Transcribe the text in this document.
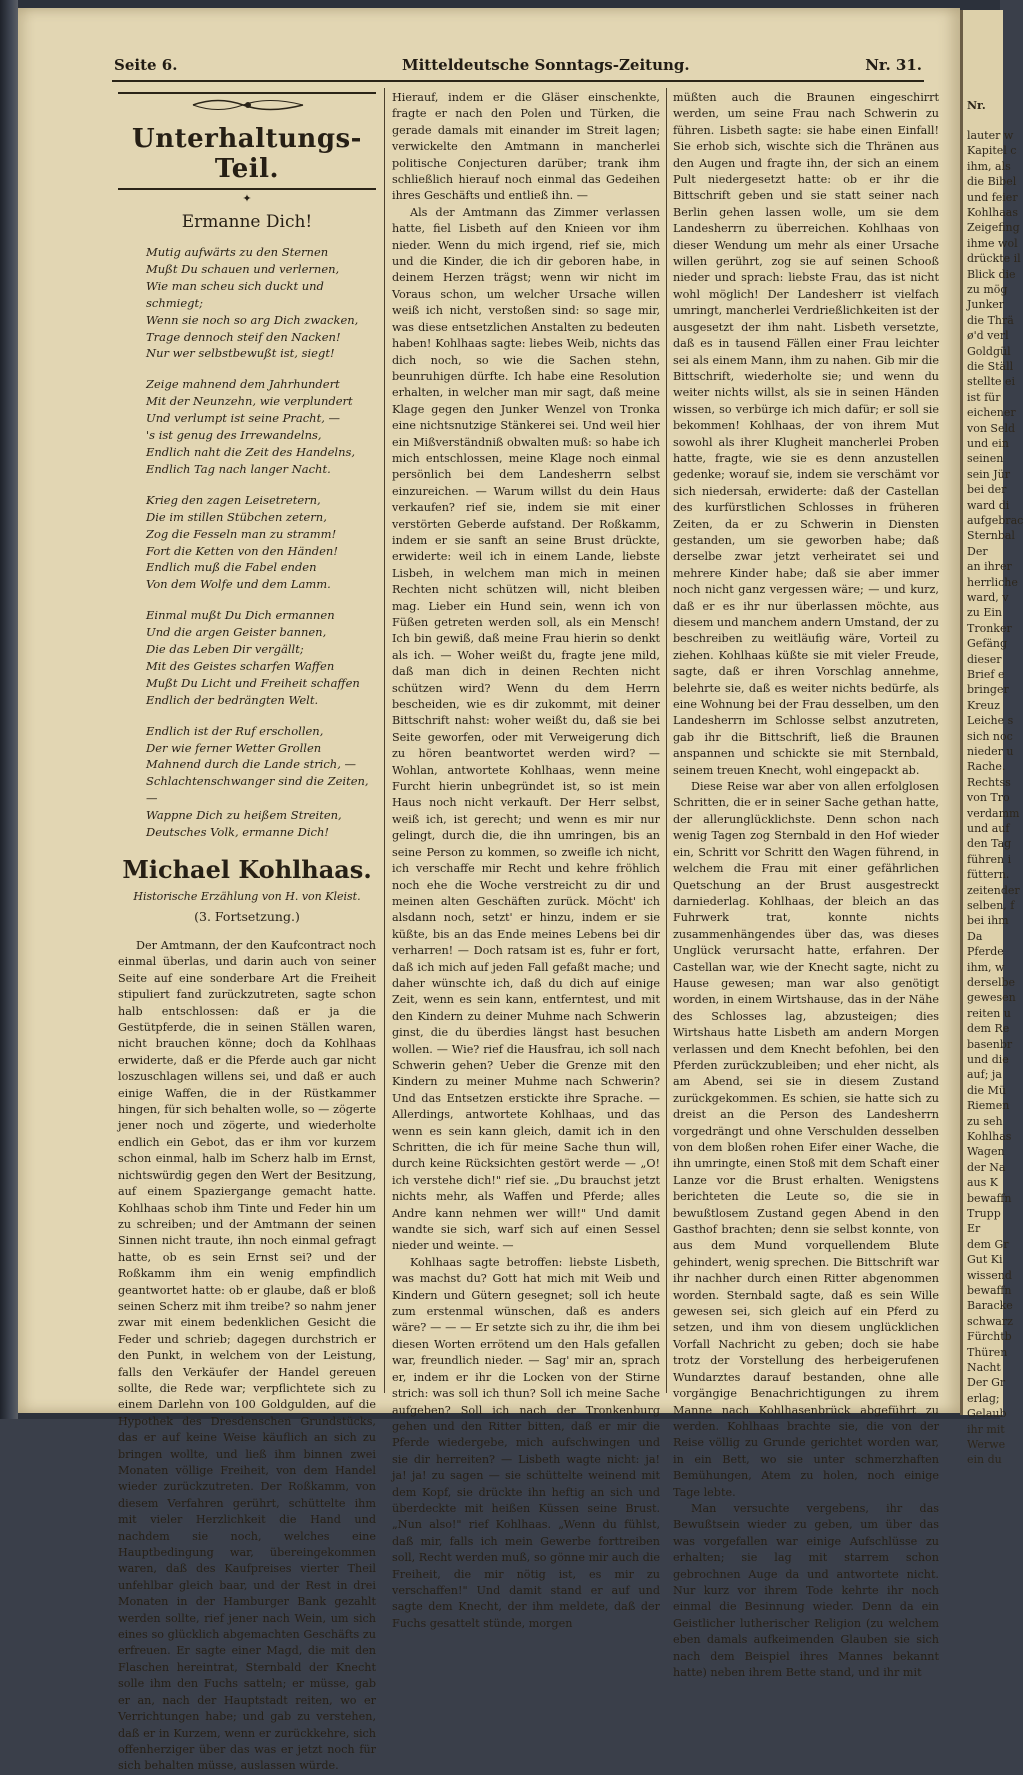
Seite 6.	Mitteldeutsche Sonntags-Zeitung.	Nr. 31.
Unterhaltungs-Teil.
✦
Ermanne Dich!

Mutig aufwärts zu den Sternen
Mußt Du schauen und verlernen,
Wie man scheu sich duckt und schmiegt;
Wenn sie noch so arg Dich zwacken,
Trage dennoch steif den Nacken!
Nur wer selbstbewußt ist, siegt!

Zeige mahnend dem Jahrhundert
Mit der Neunzehn, wie verplundert
Und verlumpt ist seine Pracht, —
's ist genug des Irrewandelns,
Endlich naht die Zeit des Handelns,
Endlich Tag nach langer Nacht.

Krieg den zagen Leisetretern,
Die im stillen Stübchen zetern,
Zog die Fesseln man zu stramm!
Fort die Ketten von den Händen!
Endlich muß die Fabel enden
Von dem Wolfe und dem Lamm.

Einmal mußt Du Dich ermannen
Und die argen Geister bannen,
Die das Leben Dir vergällt;
Mit des Geistes scharfen Waffen
Mußt Du Licht und Freiheit schaffen
Endlich der bedrängten Welt.

Endlich ist der Ruf erschollen,
Der wie ferner Wetter Grollen
Mahnend durch die Lande strich, —
Schlachtenschwanger sind die Zeiten, —
Wappne Dich zu heißem Streiten,
Deutsches Volk, ermanne Dich!

Michael Kohlhaas.
Historische Erzählung von H. von Kleist.
(3. Fortsetzung.)

Der Amtmann, der den Kaufcontract noch einmal überlas, und darin auch von seiner Seite auf eine sonderbare Art die Freiheit stipuliert fand zurückzutreten, sagte schon halb entschlossen: daß er ja die Gestütpferde, die in seinen Ställen waren, nicht brauchen könne; doch da Kohlhaas erwiderte, daß er die Pferde auch gar nicht loszuschlagen willens sei, und daß er auch einige Waffen, die in der Rüstkammer hingen, für sich behalten wolle, so — zögerte jener noch und zögerte, und wiederholte endlich ein Gebot, das er ihm vor kurzem schon einmal, halb im Scherz halb im Ernst, nichtswürdig gegen den Wert der Besitzung, auf einem Spaziergange gemacht hatte. Kohlhaas schob ihm Tinte und Feder hin um zu schreiben; und der Amtmann der seinen Sinnen nicht traute, ihn noch einmal gefragt hatte, ob es sein Ernst sei? und der Roßkamm ihm ein wenig empfindlich geantwortet hatte: ob er glaube, daß er bloß seinen Scherz mit ihm treibe? so nahm jener zwar mit einem bedenklichen Gesicht die Feder und schrieb; dagegen durchstrich er den Punkt, in welchem von der Leistung, falls den Verkäufer der Handel gereuen sollte, die Rede war; verpflichtete sich zu einem Darlehn von 100 Goldgulden, auf die Hypothek des Dresdenschen Grundstücks, das er auf keine Weise käuflich an sich zu bringen wollte, und ließ ihm binnen zwei Monaten völlige Freiheit, von dem Handel wieder zurückzutreten. Der Roßkamm, von diesem Verfahren gerührt, schüttelte ihm mit vieler Herzlichkeit die Hand und nachdem sie noch, welches eine Hauptbedingung war, übereingekommen waren, daß des Kaufpreises vierter Theil unfehlbar gleich baar, und der Rest in drei Monaten in der Hamburger Bank gezahlt werden sollte, rief jener nach Wein, um sich eines so glücklich abgemachten Geschäfts zu erfreuen. Er sagte einer Magd, die mit den Flaschen hereintrat, Sternbald der Knecht solle ihm den Fuchs satteln; er müsse, gab er an, nach der Hauptstadt reiten, wo er Verrichtungen habe; und gab zu verstehen, daß er in Kurzem, wenn er zurückkehre, sich offenherziger über das was er jetzt noch für sich behalten müsse, auslassen würde.

Hierauf, indem er die Gläser einschenkte, fragte er nach den Polen und Türken, die gerade damals mit einander im Streit lagen; verwickelte den Amtmann in mancherlei politische Conjecturen darüber; trank ihm schließlich hierauf noch einmal das Gedeihen ihres Geschäfts und entließ ihn. —

Als der Amtmann das Zimmer verlassen hatte, fiel Lisbeth auf den Knieen vor ihm nieder. Wenn du mich irgend, rief sie, mich und die Kinder, die ich dir geboren habe, in deinem Herzen trägst; wenn wir nicht im Voraus schon, um welcher Ursache willen weiß ich nicht, verstoßen sind: so sage mir, was diese entsetzlichen Anstalten zu bedeuten haben! Kohlhaas sagte: liebes Weib, nichts das dich noch, so wie die Sachen stehn, beunruhigen dürfte. Ich habe eine Resolution erhalten, in welcher man mir sagt, daß meine Klage gegen den Junker Wenzel von Tronka eine nichtsnutzige Stänkerei sei. Und weil hier ein Mißverständniß obwalten muß: so habe ich mich entschlossen, meine Klage noch einmal persönlich bei dem Landesherrn selbst einzureichen. — Warum willst du dein Haus verkaufen? rief sie, indem sie mit einer verstörten Geberde aufstand. Der Roßkamm, indem er sie sanft an seine Brust drückte, erwiderte: weil ich in einem Lande, liebste Lisbeh, in welchem man mich in meinen Rechten nicht schützen will, nicht bleiben mag. Lieber ein Hund sein, wenn ich von Füßen getreten werden soll, als ein Mensch! Ich bin gewiß, daß meine Frau hierin so denkt als ich. — Woher weißt du, fragte jene mild, daß man dich in deinen Rechten nicht schützen wird? Wenn du dem Herrn bescheiden, wie es dir zukommt, mit deiner Bittschrift nahst: woher weißt du, daß sie bei Seite geworfen, oder mit Verweigerung dich zu hören beantwortet werden wird? — Wohlan, antwortete Kohlhaas, wenn meine Furcht hierin unbegründet ist, so ist mein Haus noch nicht verkauft. Der Herr selbst, weiß ich, ist gerecht; und wenn es mir nur gelingt, durch die, die ihn umringen, bis an seine Person zu kommen, so zweifle ich nicht, ich verschaffe mir Recht und kehre fröhlich noch ehe die Woche verstreicht zu dir und meinen alten Geschäften zurück. Möcht' ich alsdann noch, setzt' er hinzu, indem er sie küßte, bis an das Ende meines Lebens bei dir verharren! — Doch ratsam ist es, fuhr er fort, daß ich mich auf jeden Fall gefaßt mache; und daher wünschte ich, daß du dich auf einige Zeit, wenn es sein kann, entferntest, und mit den Kindern zu deiner Muhme nach Schwerin ginst, die du überdies längst hast besuchen wollen. — Wie? rief die Hausfrau, ich soll nach Schwerin gehen? Ueber die Grenze mit den Kindern zu meiner Muhme nach Schwerin? Und das Entsetzen erstickte ihre Sprache. — Allerdings, antwortete Kohlhaas, und das wenn es sein kann gleich, damit ich in den Schritten, die ich für meine Sache thun will, durch keine Rücksichten gestört werde — „O! ich verstehe dich!" rief sie. „Du brauchst jetzt nichts mehr, als Waffen und Pferde; alles Andre kann nehmen wer will!" Und damit wandte sie sich, warf sich auf einen Sessel nieder und weinte. —

Kohlhaas sagte betroffen: liebste Lisbeth, was machst du? Gott hat mich mit Weib und Kindern und Gütern gesegnet; soll ich heute zum erstenmal wünschen, daß es anders wäre? — — — Er setzte sich zu ihr, die ihm bei diesen Worten errötend um den Hals gefallen war, freundlich nieder. — Sag' mir an, sprach er, indem er ihr die Locken von der Stirne strich: was soll ich thun? Soll ich meine Sache aufgeben? Soll ich nach der Tronkenburg gehen und den Ritter bitten, daß er mir die Pferde wiedergebe, mich aufschwingen und sie dir herreiten? — Lisbeth wagte nicht: ja! ja! ja! zu sagen — sie schüttelte weinend mit dem Kopf, sie drückte ihn heftig an sich und überdeckte mit heißen Küssen seine Brust. „Nun also!" rief Kohlhaas. „Wenn du fühlst, daß mir, falls ich mein Gewerbe forttreiben soll, Recht werden muß, so gönne mir auch die Freiheit, die mir nötig ist, es mir zu verschaffen!" Und damit stand er auf und sagte dem Knecht, der ihm meldete, daß der Fuchs gesattelt stünde, morgen

müßten auch die Braunen eingeschirrt werden, um seine Frau nach Schwerin zu führen. Lisbeth sagte: sie habe einen Einfall! Sie erhob sich, wischte sich die Thränen aus den Augen und fragte ihn, der sich an einem Pult niedergesetzt hatte: ob er ihr die Bittschrift geben und sie statt seiner nach Berlin gehen lassen wolle, um sie dem Landesherrn zu überreichen. Kohlhaas von dieser Wendung um mehr als einer Ursache willen gerührt, zog sie auf seinen Schooß nieder und sprach: liebste Frau, das ist nicht wohl möglich! Der Landesherr ist vielfach umringt, mancherlei Verdrießlichkeiten ist der ausgesetzt der ihm naht. Lisbeth versetzte, daß es in tausend Fällen einer Frau leichter sei als einem Mann, ihm zu nahen. Gib mir die Bittschrift, wiederholte sie; und wenn du weiter nichts willst, als sie in seinen Händen wissen, so verbürge ich mich dafür; er soll sie bekommen! Kohlhaas, der von ihrem Mut sowohl als ihrer Klugheit mancherlei Proben hatte, fragte, wie sie es denn anzustellen gedenke; worauf sie, indem sie verschämt vor sich niedersah, erwiderte: daß der Castellan des kurfürstlichen Schlosses in früheren Zeiten, da er zu Schwerin in Diensten gestanden, um sie geworben habe; daß derselbe zwar jetzt verheiratet sei und mehrere Kinder habe; daß sie aber immer noch nicht ganz vergessen wäre; — und kurz, daß er es ihr nur überlassen möchte, aus diesem und manchem andern Umstand, der zu beschreiben zu weitläufig wäre, Vorteil zu ziehen. Kohlhaas küßte sie mit vieler Freude, sagte, daß er ihren Vorschlag annehme, belehrte sie, daß es weiter nichts bedürfe, als eine Wohnung bei der Frau desselben, um den Landesherrn im Schlosse selbst anzutreten, gab ihr die Bittschrift, ließ die Braunen anspannen und schickte sie mit Sternbald, seinem treuen Knecht, wohl eingepackt ab.

Diese Reise war aber von allen erfolglosen Schritten, die er in seiner Sache gethan hatte, der allerunglücklichste. Denn schon nach wenig Tagen zog Sternbald in den Hof wieder ein, Schritt vor Schritt den Wagen führend, in welchem die Frau mit einer gefährlichen Quetschung an der Brust ausgestreckt darniederlag. Kohlhaas, der bleich an das Fuhrwerk trat, konnte nichts zusammenhängendes über das, was dieses Unglück verursacht hatte, erfahren. Der Castellan war, wie der Knecht sagte, nicht zu Hause gewesen; man war also genötigt worden, in einem Wirtshause, das in der Nähe des Schlosses lag, abzusteigen; dies Wirtshaus hatte Lisbeth am andern Morgen verlassen und dem Knecht befohlen, bei den Pferden zurückzubleiben; und eher nicht, als am Abend, sei sie in diesem Zustand zurückgekommen. Es schien, sie hatte sich zu dreist an die Person des Landesherrn vorgedrängt und ohne Verschulden desselben von dem bloßen rohen Eifer einer Wache, die ihn umringte, einen Stoß mit dem Schaft einer Lanze vor die Brust erhalten. Wenigstens berichteten die Leute so, die sie in bewußtlosem Zustand gegen Abend in den Gasthof brachten; denn sie selbst konnte, von aus dem Mund vorquellendem Blute gehindert, wenig sprechen. Die Bittschrift war ihr nachher durch einen Ritter abgenommen worden. Sternbald sagte, daß es sein Wille gewesen sei, sich gleich auf ein Pferd zu setzen, und ihm von diesem unglücklichen Vorfall Nachricht zu geben; doch sie habe trotz der Vorstellung des herbeigerufenen Wundarztes darauf bestanden, ohne alle vorgängige Benachrichtigungen zu ihrem Manne nach Kohlhasenbrück abgeführt zu werden. Kohlhaas brachte sie, die von der Reise völlig zu Grunde gerichtet worden war, in ein Bett, wo sie unter schmerzhaften Bemühungen, Atem zu holen, noch einige Tage lebte.

Man versuchte vergebens, ihr das Bewußtsein wieder zu geben, um über das was vorgefallen war einige Aufschlüsse zu erhalten; sie lag mit starrem schon gebrochnen Auge da und antwortete nicht. Nur kurz vor ihrem Tode kehrte ihr noch einmal die Besinnung wieder. Denn da ein Geistlicher lutherischer Religion (zu welchem eben damals aufkeimenden Glauben sie sich nach dem Beispiel ihres Mannes bekannt hatte) neben ihrem Bette stand, und ihr mit

Nr.
lauter w
Kapitel c
ihm, als
die Bibel
und feier
Kohlhaas
Zeigefing
ihme wol
drückte il
Blick die
zu mög
Junker
die Thrä
ø'd verl
Goldgül
die Ställ
stellte ei
ist für
eichener
von Seld
und ein
seinen
sein Jür
bei der
ward di
aufgebrac
Sternbal
Der
an ihrer
herrliche
ward, v
zu Ein
Tronker
Gefäng
dieser
Brief e
bringer
Kreuz
Leiche s
sich noc
nieder u
Rache.
Rechtss
von Tro
verdamm
und auf
den Tag
führen i
füttern.
zeitender
selben, f
bei ihm
Da
Pferde
ihm, w
derselbe
gewesen
reiten u
dem Re
basenbr
und die
auf; ja
die Mü
Riemen
zu seh
Kohlhas
Wagen
der Na
aus K
bewaffn
Trupp
Er
dem Gr
Gut Ki
wissend
bewaffn
Baracke
schwarz
Fürchtb
Thüren
Nacht
Der Gr
erlag;
Gelaub
ihr mit
Werwe
ein du
